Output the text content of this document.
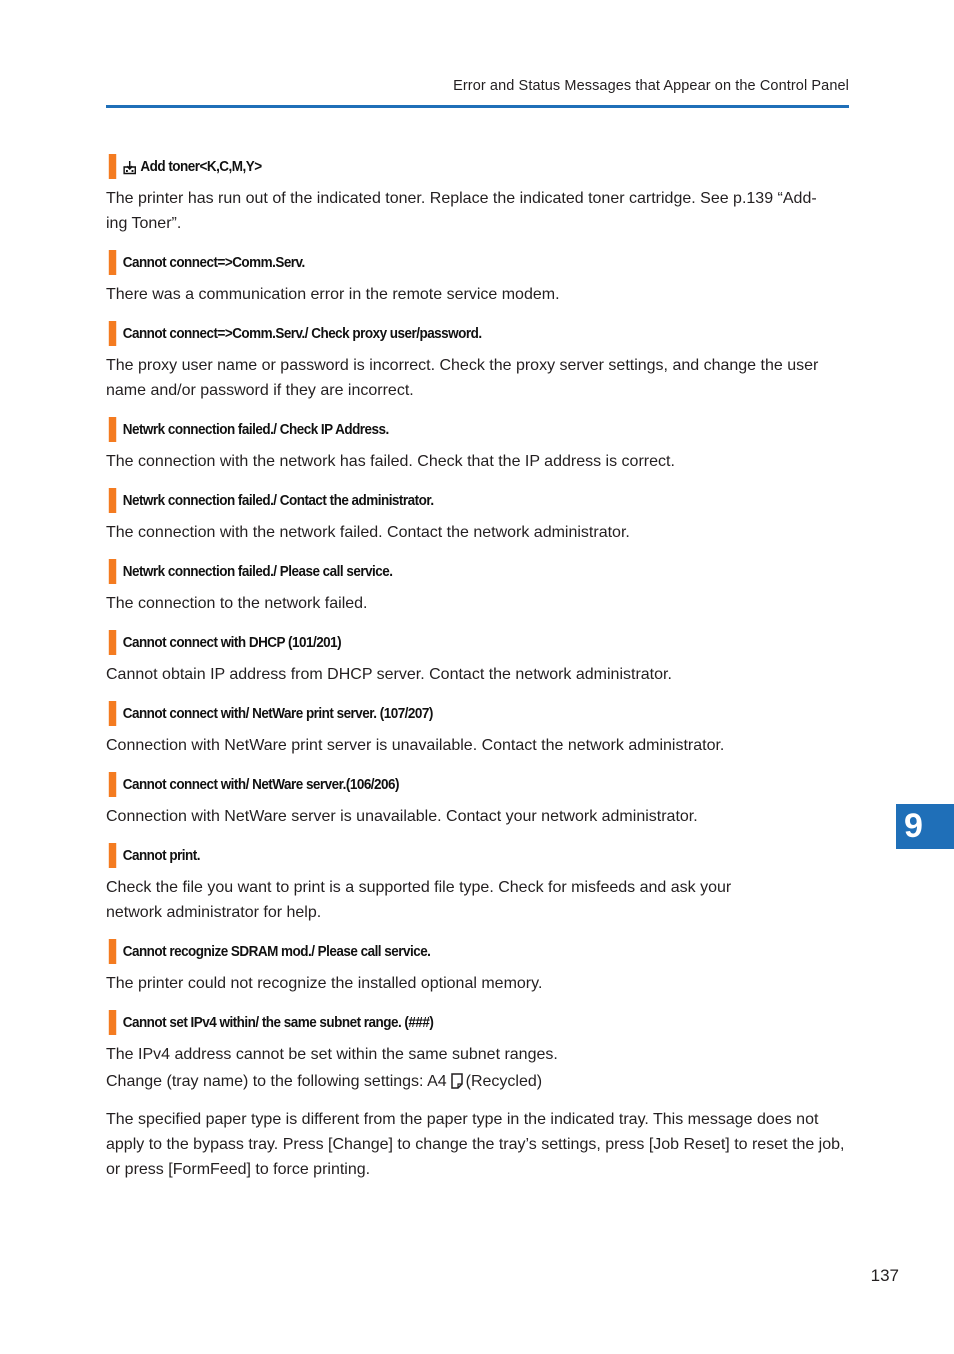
Error and Status Messages that Appear on the Control Panel
Add toner<K,C,M,Y>
The printer has run out of the indicated toner. Replace the indicated toner cartridge. See p.139 “Add-
ing Toner”.
Cannot connect=>Comm.Serv.
There was a communication error in the remote service modem.
Cannot connect=>Comm.Serv./ Check proxy user/password.
The proxy user name or password is incorrect. Check the proxy server settings, and change the user name and/or password if they are incorrect.
Netwrk connection failed./ Check IP Address.
The connection with the network has failed. Check that the IP address is correct.
Netwrk connection failed./ Contact the administrator.
The connection with the network failed. Contact the network administrator.
Netwrk connection failed./ Please call service.
The connection to the network failed.
Cannot connect with DHCP (101/201)
Cannot obtain IP address from DHCP server. Contact the network administrator.
Cannot connect with/ NetWare print server. (107/207)
Connection with NetWare print server is unavailable. Contact the network administrator.
Cannot connect with/ NetWare server.(106/206)
Connection with NetWare server is unavailable. Contact your network administrator.
Cannot print.
Check the file you want to print is a supported file type. Check for misfeeds and ask your
network administrator for help.
Cannot recognize SDRAM mod./ Please call service.
The printer could not recognize the installed optional memory.
Cannot set IPv4 within/ the same subnet range. (###)
The IPv4 address cannot be set within the same subnet ranges.
Change (tray name) to the following settings: A4 (Recycled)
The specified paper type is different from the paper type in the indicated tray. This message does not apply to the bypass tray. Press [Change] to change the tray’s settings, press [Job Reset] to reset the job, or press [FormFeed] to force printing.
9
137
